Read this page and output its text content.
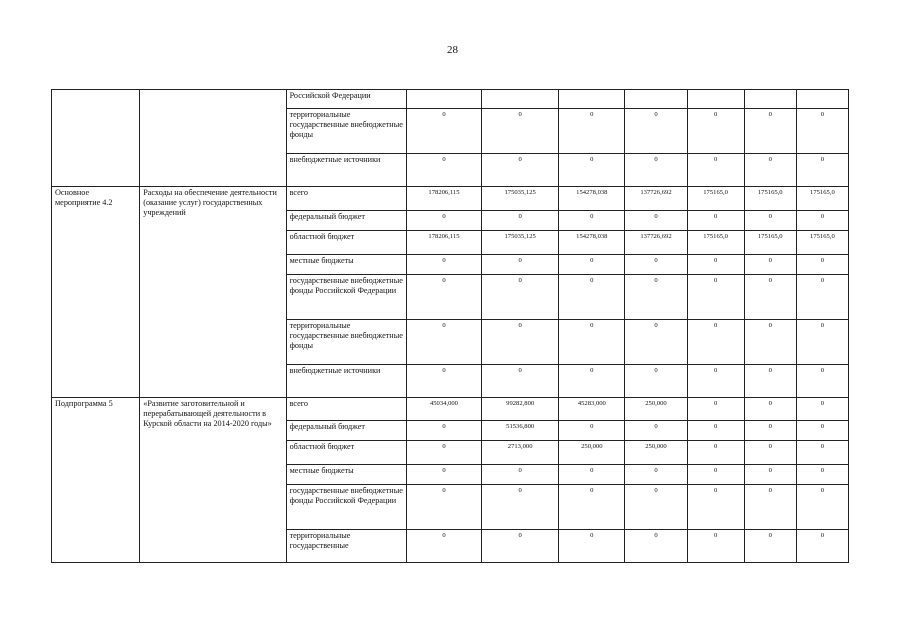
28
		Российской Федерации							
		территориальные государственные внебюджетные фонды	0	0	0	0	0	0	0
		внебюджетные источники	0	0	0	0	0	0	0
Основное мероприятие 4.2	Расходы на обеспечение деятельности (оказание услуг) государственных учреждений	всего	178206,115	175035,125	154278,038	137726,692	175165,0	175165,0	175165,0
		федеральный бюджет	0	0	0	0	0	0	0
		областной бюджет	178206,115	175035,125	154278,038	137726,692	175165,0	175165,0	175165,0
		местные бюджеты	0	0	0	0	0	0	0
		государственные внебюджетные фонды Российской Федерации	0	0	0	0	0	0	0
		территориальные государственные внебюджетные фонды	0	0	0	0	0	0	0
		внебюджетные источники	0	0	0	0	0	0	0
Подпрограмма 5	«Развитие заготовительной и перерабатывающей деятельности в Курской области на 2014-2020 годы»	всего	45034,000	99282,800	45283,000	250,000	0	0	0
		федеральный бюджет	0	51536,800	0	0	0	0	0
		областной бюджет	0	2713,000	250,000	250,000	0	0	0
		местные бюджеты	0	0	0	0	0	0	0
		государственные внебюджетные фонды Российской Федерации	0	0	0	0	0	0	0
		территориальные государственные	0	0	0	0	0	0	0
